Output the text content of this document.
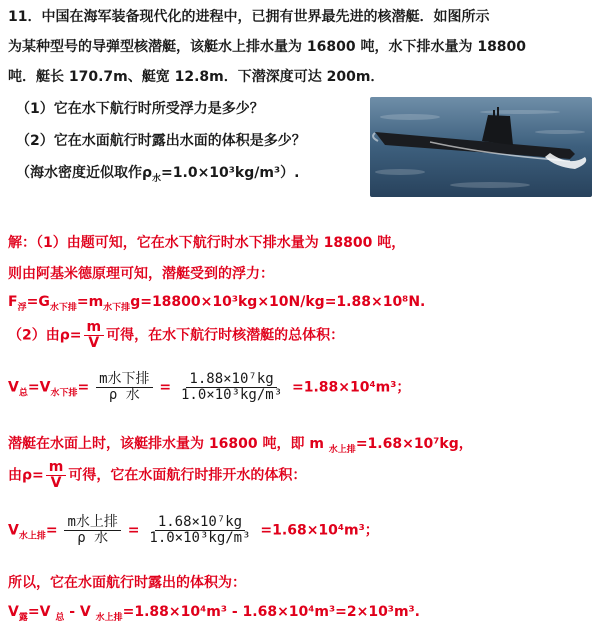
11．中国在海军装备现代化的进程中，已拥有世界最先进的核潜艇．如图所示
为某种型号的导弹型核潜艇，该艇水上排水量为 16800 吨，水下排水量为 18800
吨．艇长 170.7m、艇宽 12.8m．下潜深度可达 200m．
（1）它在水下航行时所受浮力是多少？
（2）它在水面航行时露出水面的体积是多少？
（海水密度近似取作$\rho_水=1.0\times 10^3kg/m^3$）.
解：（1）由题可知，它在水下航行时水下排水量为 18800 吨，
则由阿基米德原理可知，潜艇受到的浮力：
$F_浮=G_{水下排}=m_{水下排}g=18800\times 10^3kg\times 10N/kg=1.88\times 10^8N$.
（2）由$\rho= \frac{m}{V}$ 可得，在水下航行时核潜艇的总体积：
$V_总=V_{水下排}= \frac{\text{m水下排}}{\text{ρ 水}} = \frac{\text{1.88×10⁷kg}}{\text{1.0×10³kg/m³}} =1.88\times 10^4m^3$；
潜艇在水面上时，该艇排水量为 16800 吨，即 m $_{水上排}$=1.68×10⁷kg，
由$\rho= \frac{m}{V}$ 可得，它在水面航行时排开水的体积：
$V_{水上排}= \frac{\text{m水上排}}{\text{ρ 水}} = \frac{\text{1.68×10⁷kg}}{\text{1.0×10³kg/m³}} =1.68\times 10^4m^3$；
所以，它在水面航行时露出的体积为：
$V_露=V$ $_总$ - V $_{水上排}$=1.88×10⁴m³ - 1.68×10⁴m³=2×10³m³.
